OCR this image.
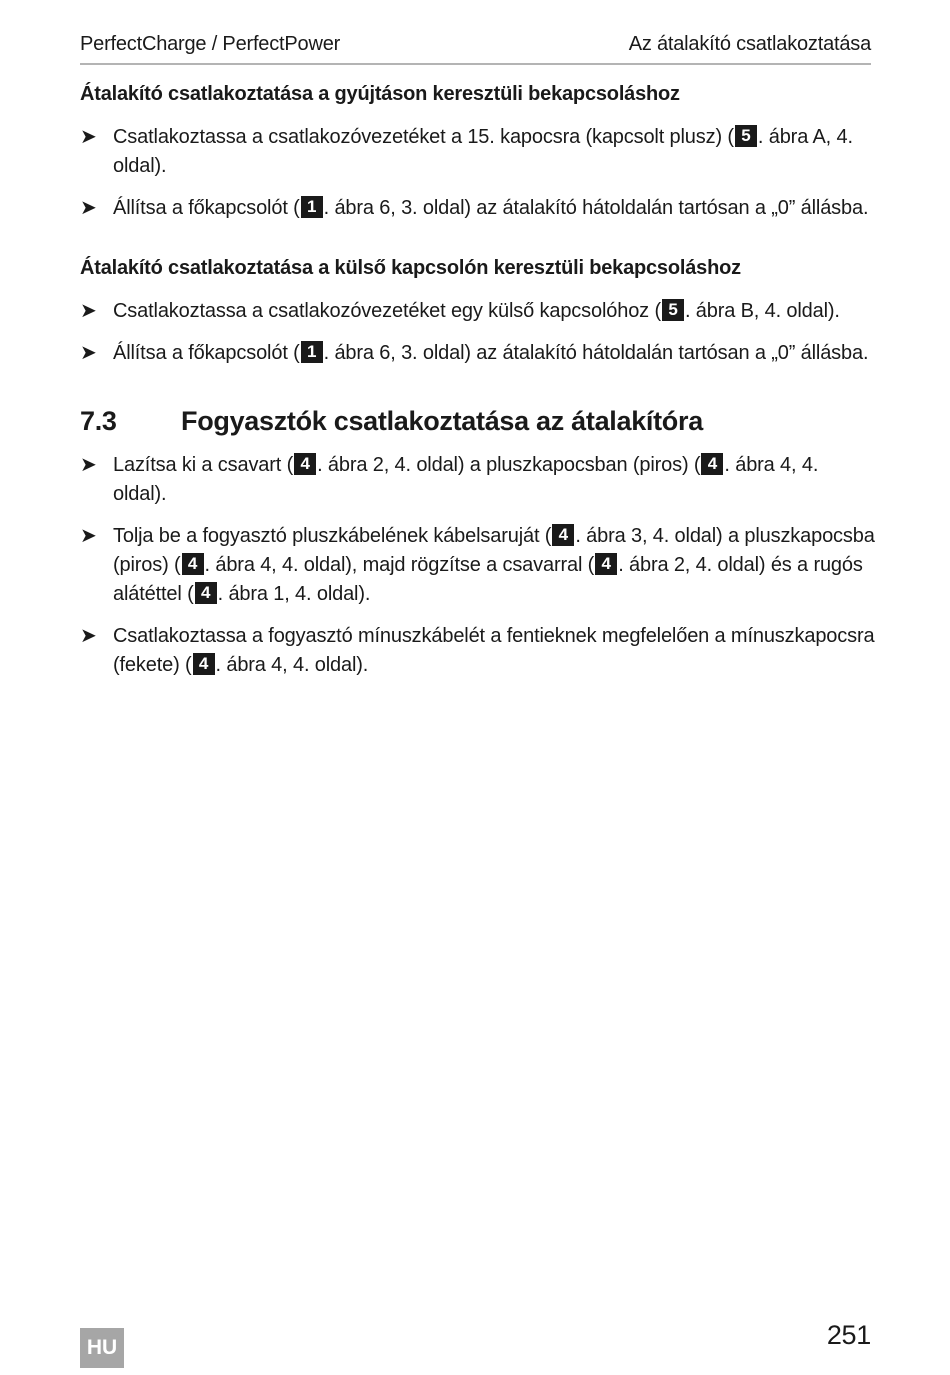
PerfectCharge / PerfectPower	Az átalakító csatlakoztatása
Átalakító csatlakoztatása a gyújtáson keresztüli bekapcsoláshoz
➤ Csatlakoztassa a csatlakozóvezetéket a 15. kapocsra (kapcsolt plusz) ( 5 . ábra A, 4. oldal).
➤ Állítsa a főkapcsolót ( 1 . ábra 6, 3. oldal) az átalakító hátoldalán tartósan a „0” állásba.
Átalakító csatlakoztatása a külső kapcsolón keresztüli bekapcsoláshoz
➤ Csatlakoztassa a csatlakozóvezetéket egy külső kapcsolóhoz ( 5 . ábra B, 4. oldal).
➤ Állítsa a főkapcsolót ( 1 . ábra 6, 3. oldal) az átalakító hátoldalán tartósan a „0” állásba.
7.3 Fogyasztók csatlakoztatása az átalakítóra
➤ Lazítsa ki a csavart ( 4 . ábra 2, 4. oldal) a pluszkapocsban (piros) ( 4 . ábra 4, 4. oldal).
➤ Tolja be a fogyasztó pluszkábelének kábelsaruját ( 4 . ábra 3, 4. oldal) a pluszkapocsba (piros) ( 4 . ábra 4, 4. oldal), majd rögzítse a csavarral ( 4 . ábra 2, 4. oldal) és a rugós alátéttel ( 4 . ábra 1, 4. oldal).
➤ Csatlakoztassa a fogyasztó mínuszkábelét a fentieknek megfelelően a mínuszkapocsra (fekete) ( 4 . ábra 4, 4. oldal).
HU	251
